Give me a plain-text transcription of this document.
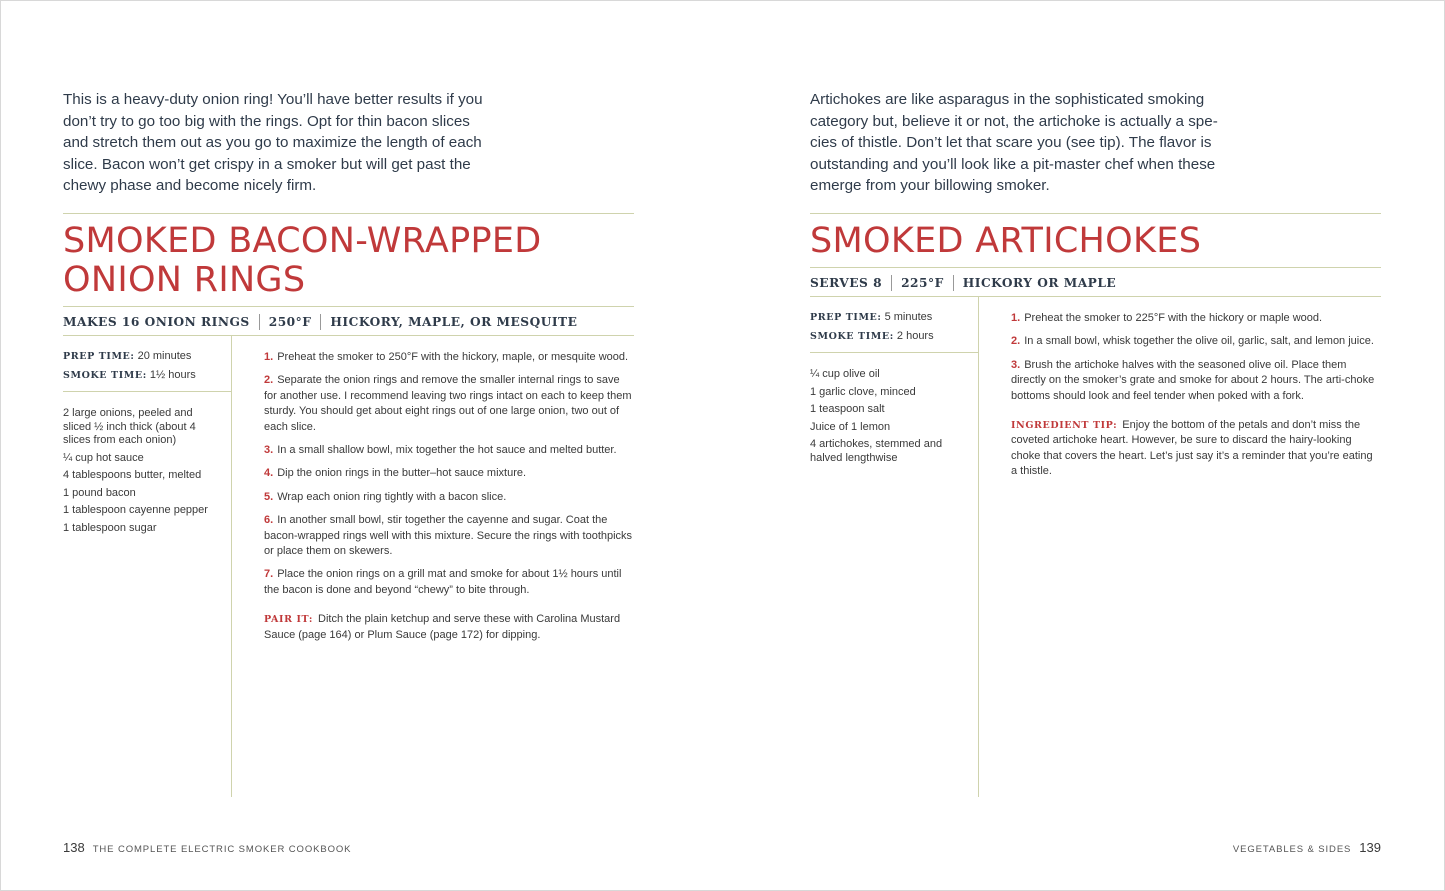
This is a heavy-duty onion ring! You’ll have better results if you don’t try to go too big with the rings. Opt for thin bacon slices and stretch them out as you go to maximize the length of each slice. Bacon won’t get crispy in a smoker but will get past the chewy phase and become nicely firm.

SMOKED BACON-WRAPPED
ONION RINGS
MAKES 16 ONION RINGS 250°F HICKORY, MAPLE, OR MESQUITE
PREP TIME: 20 minutes
SMOKE TIME: 1½ hours
2 large onions, peeled and sliced ½ inch thick (about 4 slices from each onion)
¼ cup hot sauce
4 tablespoons butter, melted
1 pound bacon
1 tablespoon cayenne pepper
1 tablespoon sugar
1. Preheat the smoker to 250°F with the hickory, maple, or mesquite wood.
2. Separate the onion rings and remove the smaller internal rings to save for another use. I recommend leaving two rings intact on each to keep them sturdy. You should get about eight rings out of one large onion, two out of each slice.
3. In a small shallow bowl, mix together the hot sauce and melted butter.
4. Dip the onion rings in the butter–hot sauce mixture.
5. Wrap each onion ring tightly with a bacon slice.
6. In another small bowl, stir together the cayenne and sugar. Coat the bacon-wrapped rings well with this mixture. Secure the rings with toothpicks or place them on skewers.
7. Place the onion rings on a grill mat and smoke for about 1½ hours until the bacon is done and beyond “chewy” to bite through.
PAIR IT: Ditch the plain ketchup and serve these with Carolina Mustard Sauce (page 164) or Plum Sauce (page 172) for dipping.
138 THE COMPLETE ELECTRIC SMOKER COOKBOOK

Artichokes are like asparagus in the sophisticated smoking category but, believe it or not, the artichoke is actually a spe-cies of thistle. Don’t let that scare you (see tip). The flavor is outstanding and you’ll look like a pit-master chef when these emerge from your billowing smoker.

SMOKED ARTICHOKES
SERVES 8 225°F HICKORY OR MAPLE
PREP TIME: 5 minutes
SMOKE TIME: 2 hours
¼ cup olive oil
1 garlic clove, minced
1 teaspoon salt
Juice of 1 lemon
4 artichokes, stemmed and halved lengthwise
1. Preheat the smoker to 225°F with the hickory or maple wood.
2. In a small bowl, whisk together the olive oil, garlic, salt, and lemon juice.
3. Brush the artichoke halves with the seasoned olive oil. Place them directly on the smoker’s grate and smoke for about 2 hours. The arti-choke bottoms should look and feel tender when poked with a fork.
INGREDIENT TIP: Enjoy the bottom of the petals and don’t miss the coveted artichoke heart. However, be sure to discard the hairy-looking choke that covers the heart. Let’s just say it’s a reminder that you’re eating a thistle.
VEGETABLES & SIDES 139
